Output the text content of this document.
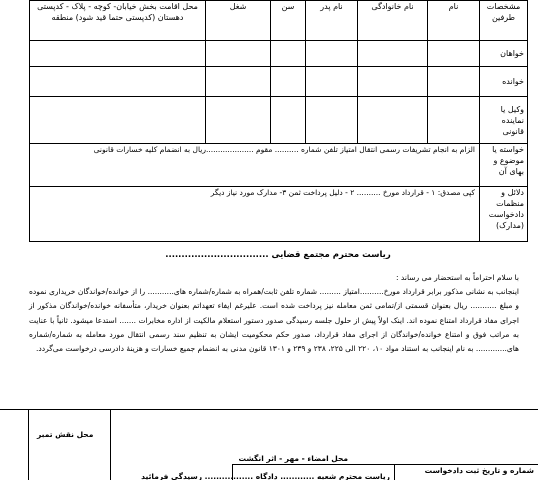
مشخصات طرفین	نام	نام خانوادگی	نام پدر	سن	شغل	محل اقامت بخش خیابان- کوچه - پلاک - کدپستی دهستان (کدپستی حتما قید شود) منطقه
خواهان						
خوانده						
وکیل یا نماینده قانونی						
خواسته یا موضوع و بهای آن	الزام به انجام تشریفات رسمی انتقال امتیاز تلفن شماره .......... مقوم ....................ریال به انضمام کلیه خسارات قانونی					
دلائل و منظمات دادخواست (مدارک)	کپی مصدق: ۱ - قرارداد مورخ .......... ۲ - دلیل پرداخت ثمن ۳- مدارک مورد نیاز دیگر					
ریاست محترم مجتمع قضایی ................................

با سلام احتراماً به استحضار می رساند :

اینجانب به نشانی مذکور برابر قرارداد مورخ..........امتیاز ......... شماره تلفن ثابت/همراه به شماره/شماره های........... را از خوانده/خواندگان خریداری نموده و مبلغ ........... ریال بعنوان قسمتی از/تمامی ثمن معامله نیز پرداخت شده است. علیرغم ایفاء تعهداتم بعنوان خریدار، متأسفانه خوانده/خواندگان مذکور از اجرای مفاد قرارداد امتناع نموده اند. اینک اولاً پیش از حلول جلسه رسیدگی صدور دستور استعلام مالکیت از اداره مخابرات ....... استدعا میشود. ثانیاً با عنایت به مراتب فوق و امتناع خوانده/خواندگان از اجرای مفاد قرارداد، صدور حکم محکومیت ایشان به تنظیم سند رسمی انتقال مورد معامله به شماره/شماره های............. به نام اینجانب به استناد مواد ۱۰، ۲۲۰ الی ۲۲۵، ۲۳۸ و ۲۳۹ و ۱۳۰۱ قانون مدنی به انضمام جمیع خسارات و هزینۀ دادرسی درخواست می‌گردد.

محل نقش تمبر
محل امضاء - مهر - اثر انگشت
شماره و تاریخ ثبت دادخواست
ریاست محترم شعبه ............ دادگاه ................. رسیدگی فرمائید
